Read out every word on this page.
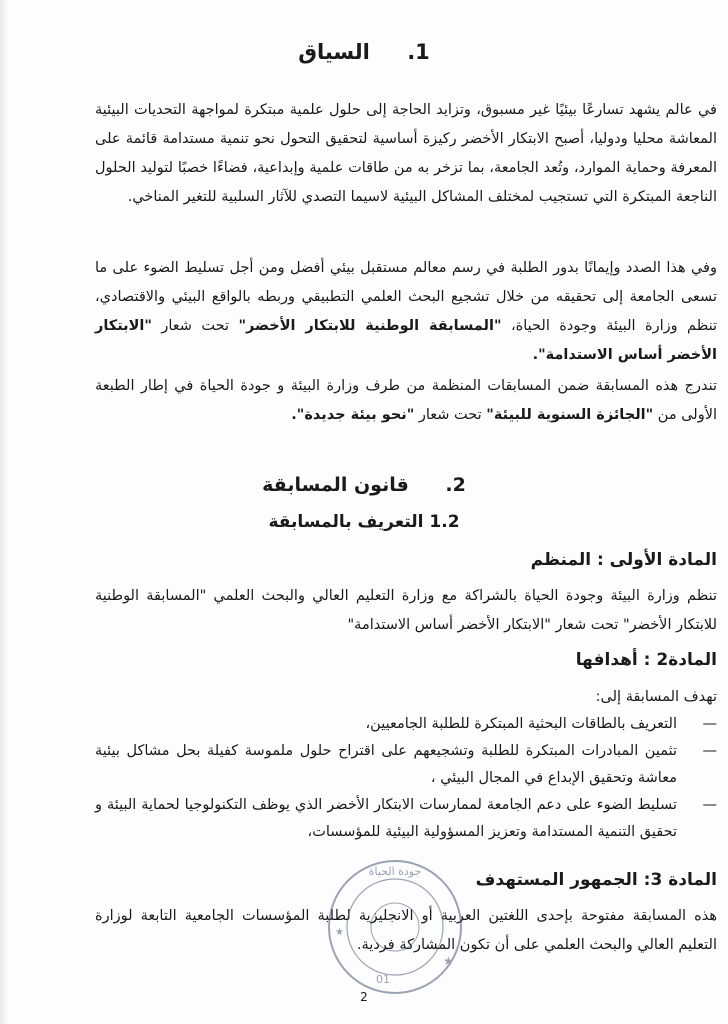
1. السياق
في عالم يشهد تسارعًا بيئيًا غير مسبوق، وتزايد الحاجة إلى حلول علمية مبتكرة لمواجهة التحديات البيئية المعاشة محليا ودوليا، أصبح الابتكار الأخضر ركيزة أساسية لتحقيق التحول نحو تنمية مستدامة قائمة على المعرفة وحماية الموارد، وتُعد الجامعة، بما تزخر به من طاقات علمية وإبداعية، فضاءًا خصبًا لتوليد الحلول الناجعة المبتكرة التي تستجيب لمختلف المشاكل البيئية لاسيما التصدي للآثار السلبية للتغير المناخي.
وفي هذا الصدد وإيمانًا بدور الطلبة في رسم معالم مستقبل بيئي أفضل ومن أجل تسليط الضوء على ما تسعى الجامعة إلى تحقيقه من خلال تشجيع البحث العلمي التطبيقي وربطه بالواقع البيئي والاقتصادي، تنظم وزارة البيئة وجودة الحياة، "المسابقة الوطنية للابتكار الأخضر" تحت شعار "الابتكار الأخضر أساس الاستدامة".
تندرج هذه المسابقة ضمن المسابقات المنظمة من طرف وزارة البيئة و جودة الحياة في إطار الطبعة الأولى من "الجائزة السنوية للبيئة" تحت شعار "نحو بيئة جديدة".
2. قانون المسابقة
1.2 التعريف بالمسابقة
المادة الأولى : المنظم
تنظم وزارة البيئة وجودة الحياة بالشراكة مع وزارة التعليم العالي والبحث العلمي "المسابقة الوطنية للابتكار الأخضر" تحت شعار "الابتكار الأخضر أساس الاستدامة"
المادة2 : أهدافها
تهدف المسابقة إلى:
—
التعريف بالطاقات البحثية المبتكرة للطلبة الجامعيين،
—
تثمين المبادرات المبتكرة للطلبة وتشجيعهم على اقتراح حلول ملموسة كفيلة بحل مشاكل بيئية معاشة وتحقيق الإبداع في المجال البيئي ،
—
تسليط الضوء على دعم الجامعة لممارسات الابتكار الأخضر الذي يوظف التكنولوجيا لحماية البيئة و تحقيق التنمية المستدامة وتعزيز المسؤولية البيئية للمؤسسات،
المادة 3: الجمهور المستهدف
هذه المسابقة مفتوحة بإحدى اللغتين العربية أو الانجليزية لطلبة المؤسسات الجامعية التابعة لوزارة التعليم العالي والبحث العلمي على أن تكون المشاركة فردية.
جودة الحياة
01
★
★
2
